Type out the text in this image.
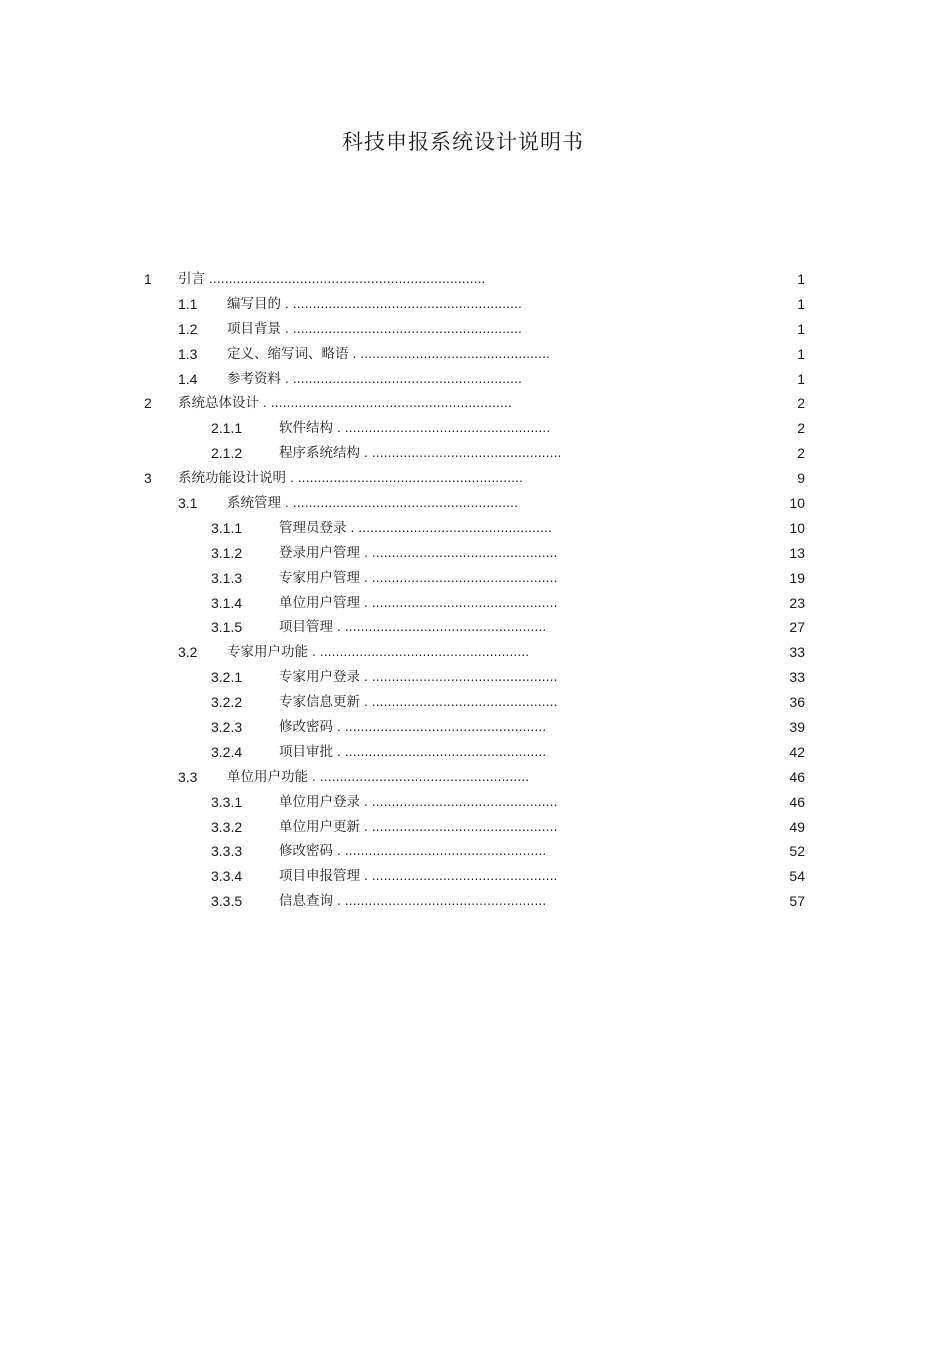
科技申报系统设计说明书
1 引言 ......................................................................	1
1.1 编写目的 . ..........................................................	1
1.2 项目背景 . ..........................................................	1
1.3 定义、缩写词、略语 . ................................................	1
1.4 参考资料 . ..........................................................	1
2 系统总体设计 . .............................................................	2
2.1.1	软件结构 . ....................................................	2
2.1.2	程序系统结构 . ................................................	2
3 系统功能设计说明 . .........................................................	9
3.1 系统管理 . .........................................................	10
3.1.1	管理员登录 . .................................................	10
3.1.2	登录用户管理 . ...............................................	13
3.1.3	专家用户管理 . ...............................................	19
3.1.4	单位用户管理 . ...............................................	23
3.1.5	项目管理 . ...................................................	27
3.2 专家用户功能 . .....................................................	33
3.2.1	专家用户登录 . ...............................................	33
3.2.2	专家信息更新 . ...............................................	36
3.2.3	修改密码 . ...................................................	39
3.2.4	项目审批 . ...................................................	42
3.3 单位用户功能 . .....................................................	46
3.3.1	单位用户登录 . ...............................................	46
3.3.2	单位用户更新 . ...............................................	49
3.3.3	修改密码 . ...................................................	52
3.3.4	项目申报管理 . ...............................................	54
3.3.5	信息查询 . ...................................................	57
